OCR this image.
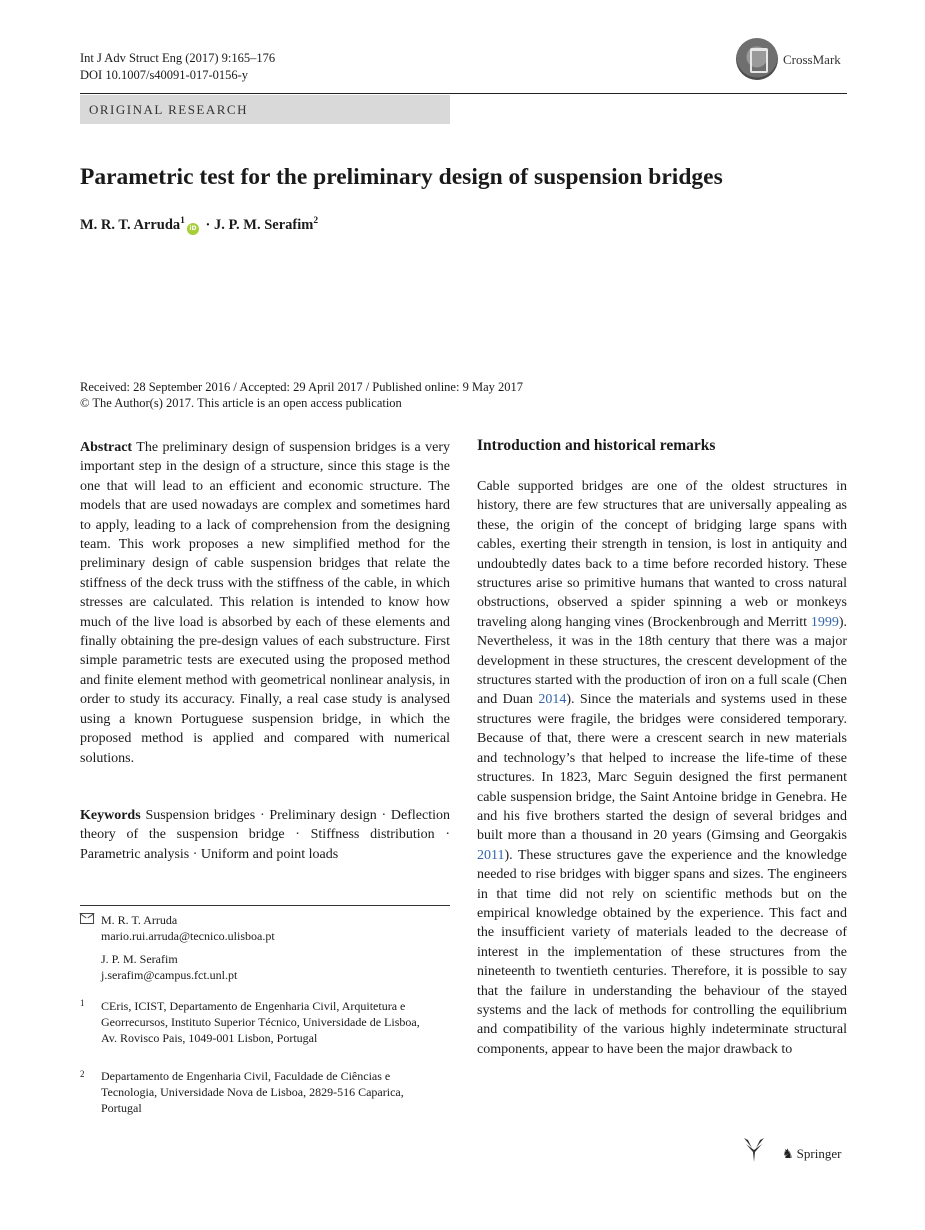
Int J Adv Struct Eng (2017) 9:165–176
DOI 10.1007/s40091-017-0156-y
CrossMark
ORIGINAL RESEARCH
Parametric test for the preliminary design of suspension bridges
M. R. T. Arruda$^1$iD · J. P. M. Serafim$^2$
Received: 28 September 2016 / Accepted: 29 April 2017 / Published online: 9 May 2017
© The Author(s) 2017. This article is an open access publication
Abstract The preliminary design of suspension bridges is a very important step in the design of a structure, since this stage is the one that will lead to an efficient and economic structure. The models that are used nowadays are complex and sometimes hard to apply, leading to a lack of comprehension from the designing team. This work proposes a new simplified method for the preliminary design of cable suspension bridges that relate the stiffness of the deck truss with the stiffness of the cable, in which stresses are calculated. This relation is intended to know how much of the live load is absorbed by each of these elements and finally obtaining the pre-design values of each substructure. First simple parametric tests are executed using the proposed method and finite element method with geometrical nonlinear analysis, in order to study its accuracy. Finally, a real case study is analysed using a known Portuguese suspension bridge, in which the proposed method is applied and compared with numerical solutions.
Keywords Suspension bridges · Preliminary design · Deflection theory of the suspension bridge · Stiffness distribution · Parametric analysis · Uniform and point loads
M. R. T. Arruda
mario.rui.arruda@tecnico.ulisboa.pt
J. P. M. Serafim
j.serafim@campus.fct.unl.pt
1 CEris, ICIST, Departamento de Engenharia Civil, Arquitetura e Georrecursos, Instituto Superior Técnico, Universidade de Lisboa, Av. Rovisco Pais, 1049-001 Lisbon, Portugal
2 Departamento de Engenharia Civil, Faculdade de Ciências e Tecnologia, Universidade Nova de Lisboa, 2829-516 Caparica, Portugal
Introduction and historical remarks
Cable supported bridges are one of the oldest structures in history, there are few structures that are universally appealing as these, the origin of the concept of bridging large spans with cables, exerting their strength in tension, is lost in antiquity and undoubtedly dates back to a time before recorded history. These structures arise so primitive humans that wanted to cross natural obstructions, observed a spider spinning a web or monkeys traveling along hanging vines (Brockenbrough and Merritt 1999). Nevertheless, it was in the 18th century that there was a major development in these structures, the crescent development of the structures started with the production of iron on a full scale (Chen and Duan 2014). Since the materials and systems used in these structures were fragile, the bridges were considered temporary. Because of that, there were a crescent search in new materials and technology’s that helped to increase the life-time of these structures. In 1823, Marc Seguin designed the first permanent cable suspension bridge, the Saint Antoine bridge in Genebra. He and his five brothers started the design of several bridges and built more than a thousand in 20 years (Gimsing and Georgakis 2011). These structures gave the experience and the knowledge needed to rise bridges with bigger spans and sizes. The engineers in that time did not rely on scientific methods but on the empirical knowledge obtained by the experience. This fact and the insufficient variety of materials leaded to the decrease of interest in the implementation of these structures from the nineteenth to twentieth centuries. Therefore, it is possible to say that the failure in understanding the behaviour of the stayed systems and the lack of methods for controlling the equilibrium and compatibility of the various highly indeterminate structural components, appear to have been the major drawback to
♞ Springer
